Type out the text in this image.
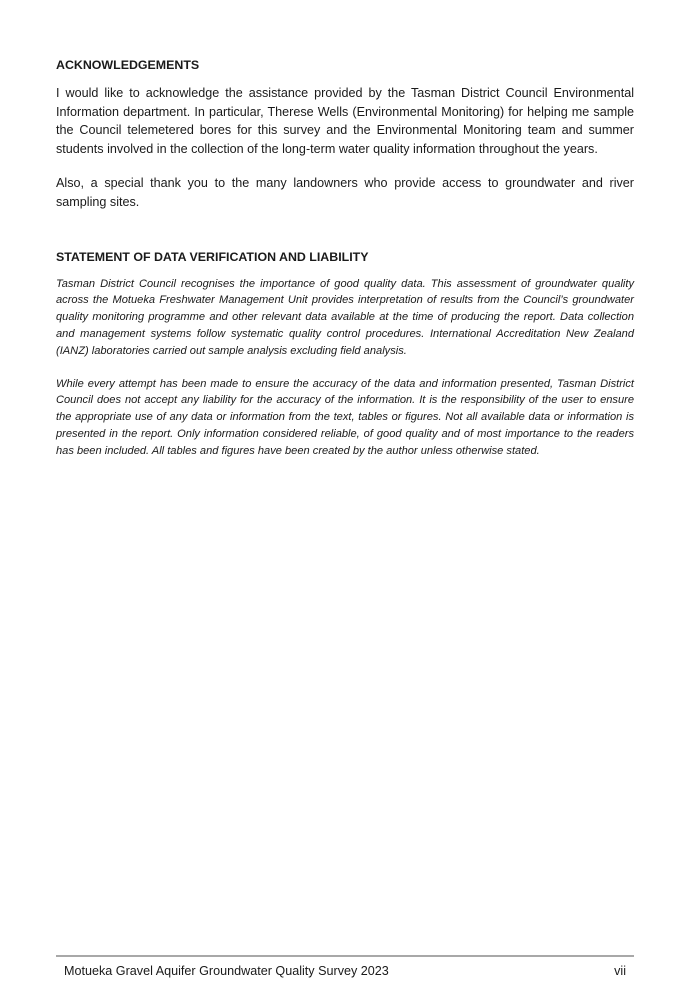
ACKNOWLEDGEMENTS

I would like to acknowledge the assistance provided by the Tasman District Council Environmental Information department. In particular, Therese Wells (Environmental Monitoring) for helping me sample the Council telemetered bores for this survey and the Environmental Monitoring team and summer students involved in the collection of the long-term water quality information throughout the years.

Also, a special thank you to the many landowners who provide access to groundwater and river sampling sites.

STATEMENT OF DATA VERIFICATION AND LIABILITY

Tasman District Council recognises the importance of good quality data. This assessment of groundwater quality across the Motueka Freshwater Management Unit provides interpretation of results from the Council’s groundwater quality monitoring programme and other relevant data available at the time of producing the report. Data collection and management systems follow systematic quality control procedures. International Accreditation New Zealand (IANZ) laboratories carried out sample analysis excluding field analysis.

While every attempt has been made to ensure the accuracy of the data and information presented, Tasman District Council does not accept any liability for the accuracy of the information. It is the responsibility of the user to ensure the appropriate use of any data or information from the text, tables or figures. Not all available data or information is presented in the report. Only information considered reliable, of good quality and of most importance to the readers has been included. All tables and figures have been created by the author unless otherwise stated.

Motueka Gravel Aquifer Groundwater Quality Survey 2023	vii
